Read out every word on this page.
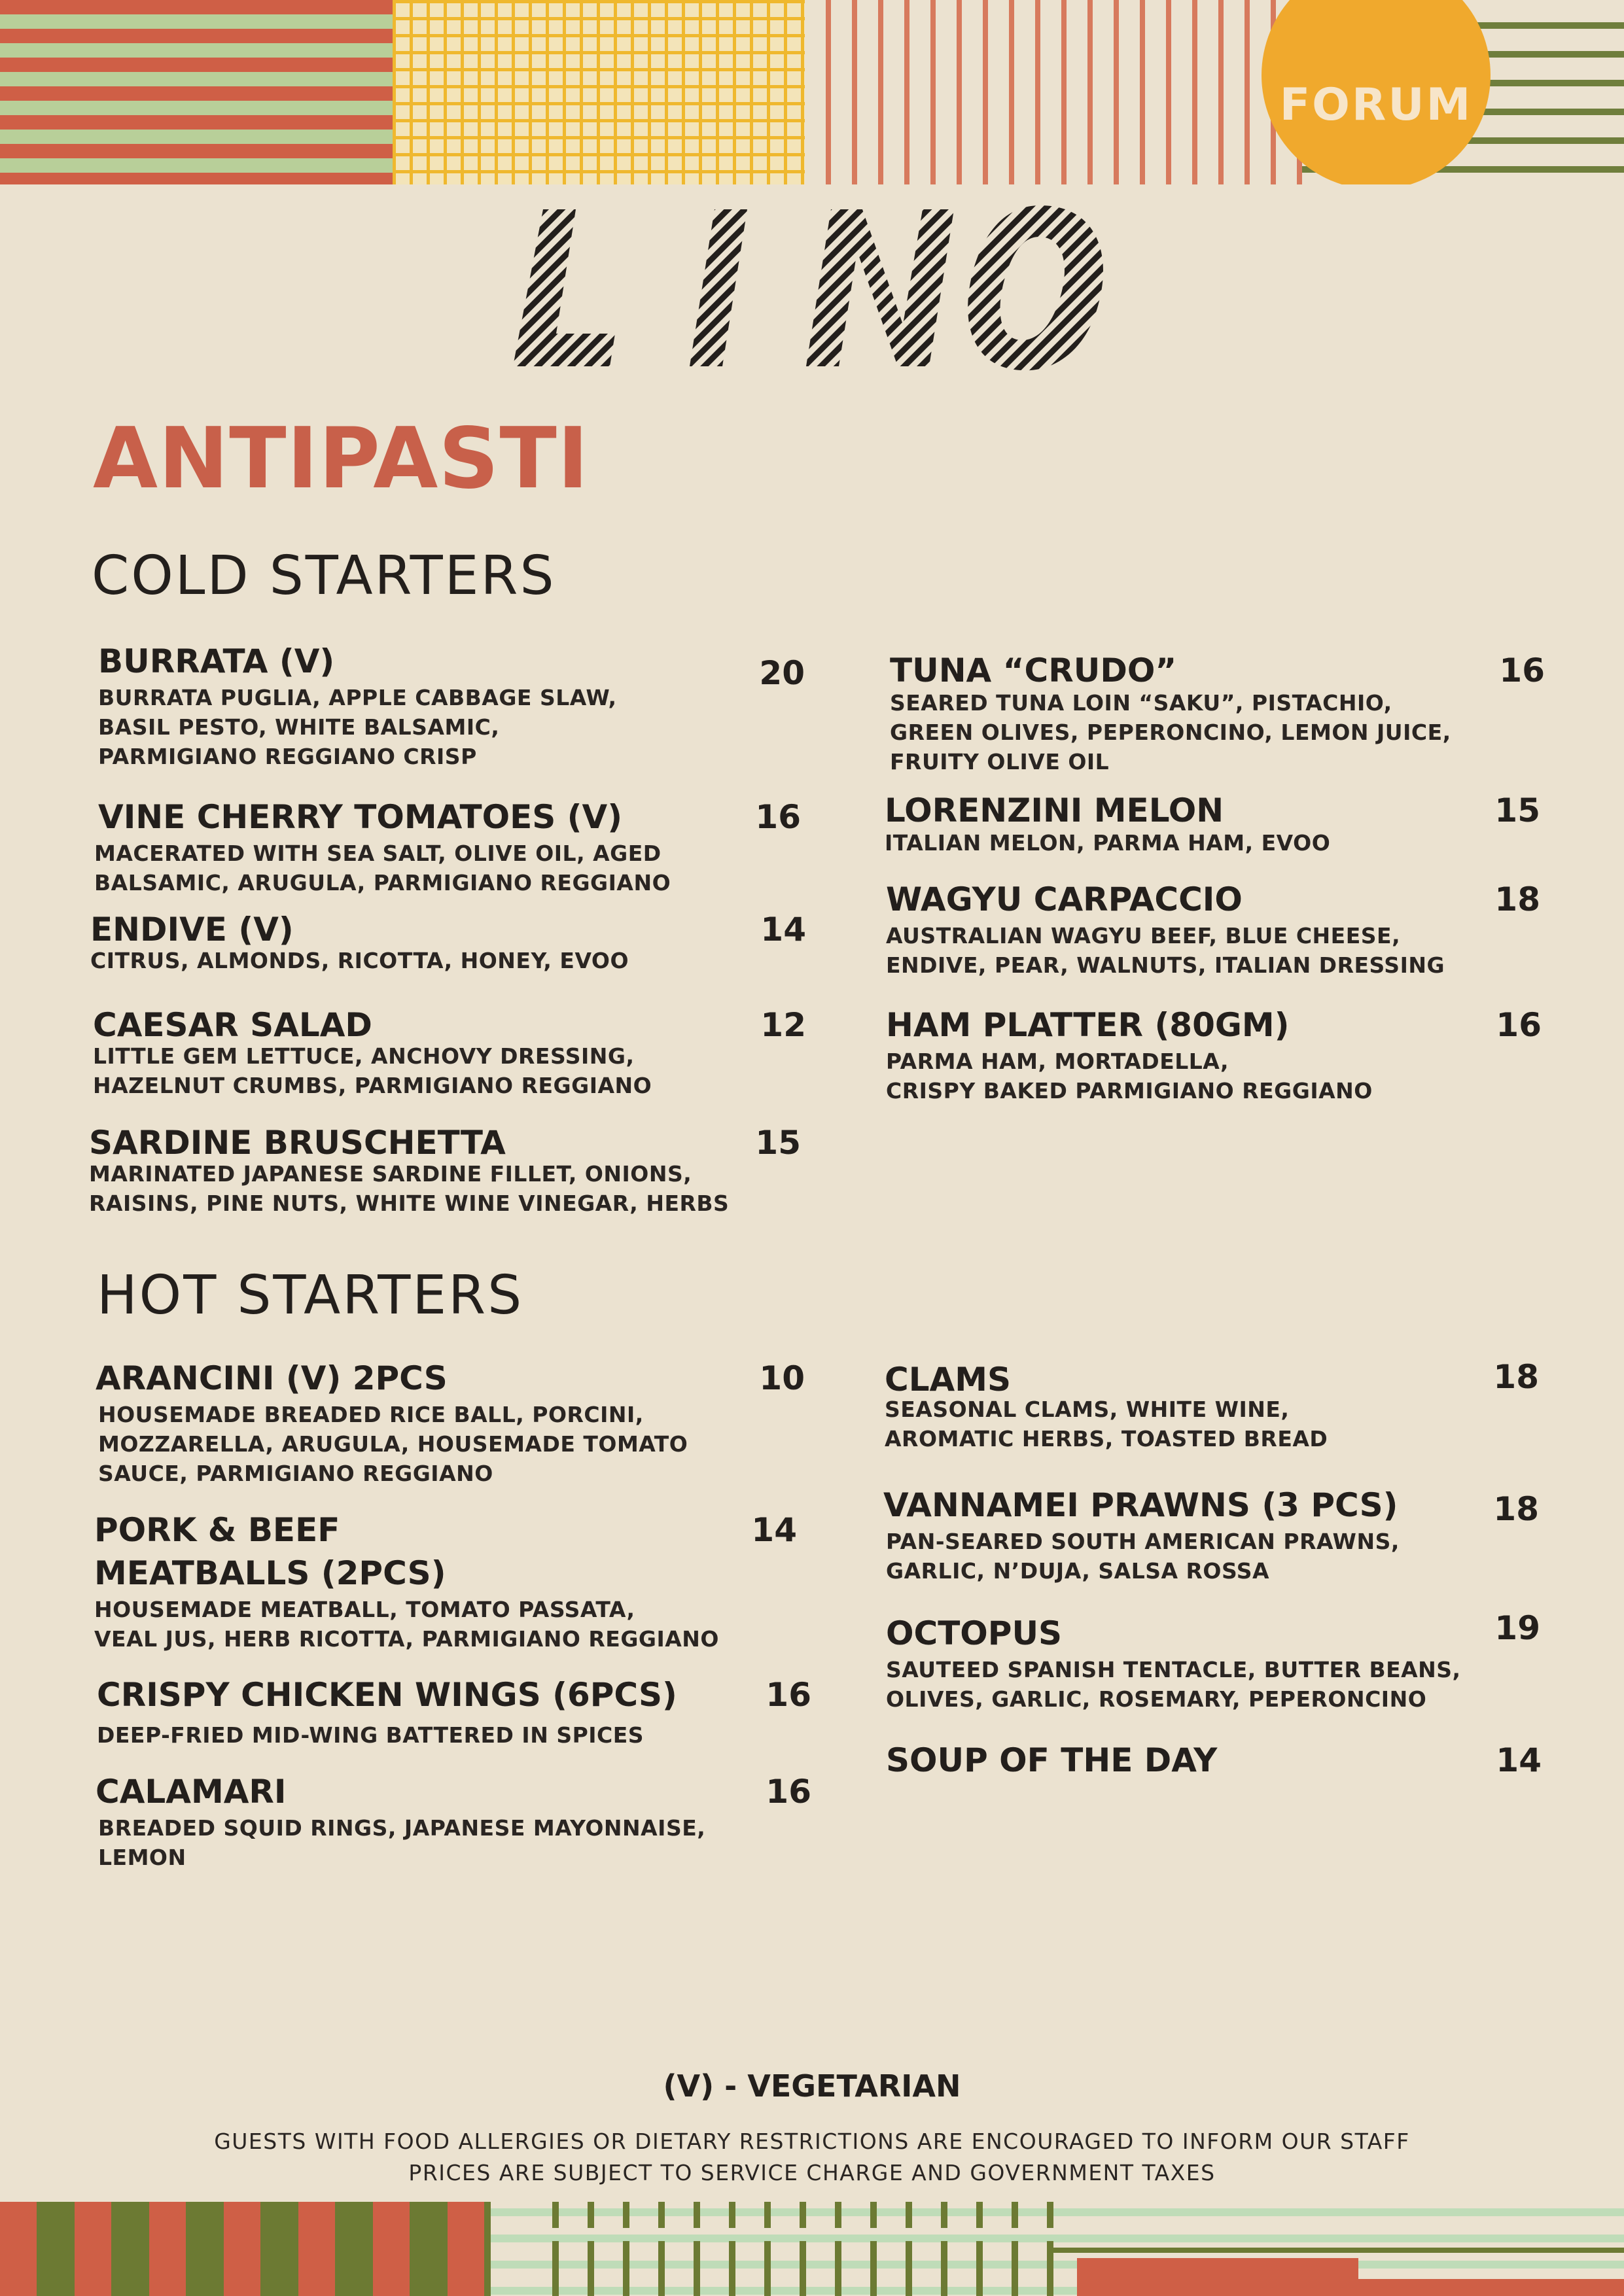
FORUM
ANTIPASTI
COLD STARTERS
BURRATA (V)	20
BURRATA PUGLIA, APPLE CABBAGE SLAW,
BASIL PESTO, WHITE BALSAMIC,
PARMIGIANO REGGIANO CRISP
VINE CHERRY TOMATOES (V)	16
MACERATED WITH SEA SALT, OLIVE OIL, AGED
BALSAMIC, ARUGULA, PARMIGIANO REGGIANO
ENDIVE (V)	14
CITRUS, ALMONDS, RICOTTA, HONEY, EVOO
CAESAR SALAD	12
LITTLE GEM LETTUCE, ANCHOVY DRESSING,
HAZELNUT CRUMBS, PARMIGIANO REGGIANO
SARDINE BRUSCHETTA	15
MARINATED JAPANESE SARDINE FILLET, ONIONS,
RAISINS, PINE NUTS, WHITE WINE VINEGAR, HERBS
TUNA “CRUDO”	16
SEARED TUNA LOIN “SAKU”, PISTACHIO,
GREEN OLIVES, PEPERONCINO, LEMON JUICE,
FRUITY OLIVE OIL
LORENZINI MELON	15
ITALIAN MELON, PARMA HAM, EVOO
WAGYU CARPACCIO	18
AUSTRALIAN WAGYU BEEF, BLUE CHEESE,
ENDIVE, PEAR, WALNUTS, ITALIAN DRESSING
HAM PLATTER (80GM)	16
PARMA HAM, MORTADELLA,
CRISPY BAKED PARMIGIANO REGGIANO
HOT STARTERS
ARANCINI (V) 2PCS	10
HOUSEMADE BREADED RICE BALL, PORCINI,
MOZZARELLA, ARUGULA, HOUSEMADE TOMATO
SAUCE, PARMIGIANO REGGIANO
PORK & BEEF MEATBALLS (2PCS)
14
HOUSEMADE MEATBALL, TOMATO PASSATA,
VEAL JUS, HERB RICOTTA, PARMIGIANO REGGIANO
CRISPY CHICKEN WINGS (6PCS)	16
DEEP-FRIED MID-WING BATTERED IN SPICES
CALAMARI	16
BREADED SQUID RINGS, JAPANESE MAYONNAISE,
LEMON
CLAMS	18
SEASONAL CLAMS, WHITE WINE,
AROMATIC HERBS, TOASTED BREAD
VANNAMEI PRAWNS (3 PCS)	18
PAN-SEARED SOUTH AMERICAN PRAWNS,
GARLIC, N’DUJA, SALSA ROSSA
OCTOPUS	19
SAUTEED SPANISH TENTACLE, BUTTER BEANS,
OLIVES, GARLIC, ROSEMARY, PEPERONCINO
SOUP OF THE DAY	14
(V) - VEGETARIAN
GUESTS WITH FOOD ALLERGIES OR DIETARY RESTRICTIONS ARE ENCOURAGED TO INFORM OUR STAFF
PRICES ARE SUBJECT TO SERVICE CHARGE AND GOVERNMENT TAXES
